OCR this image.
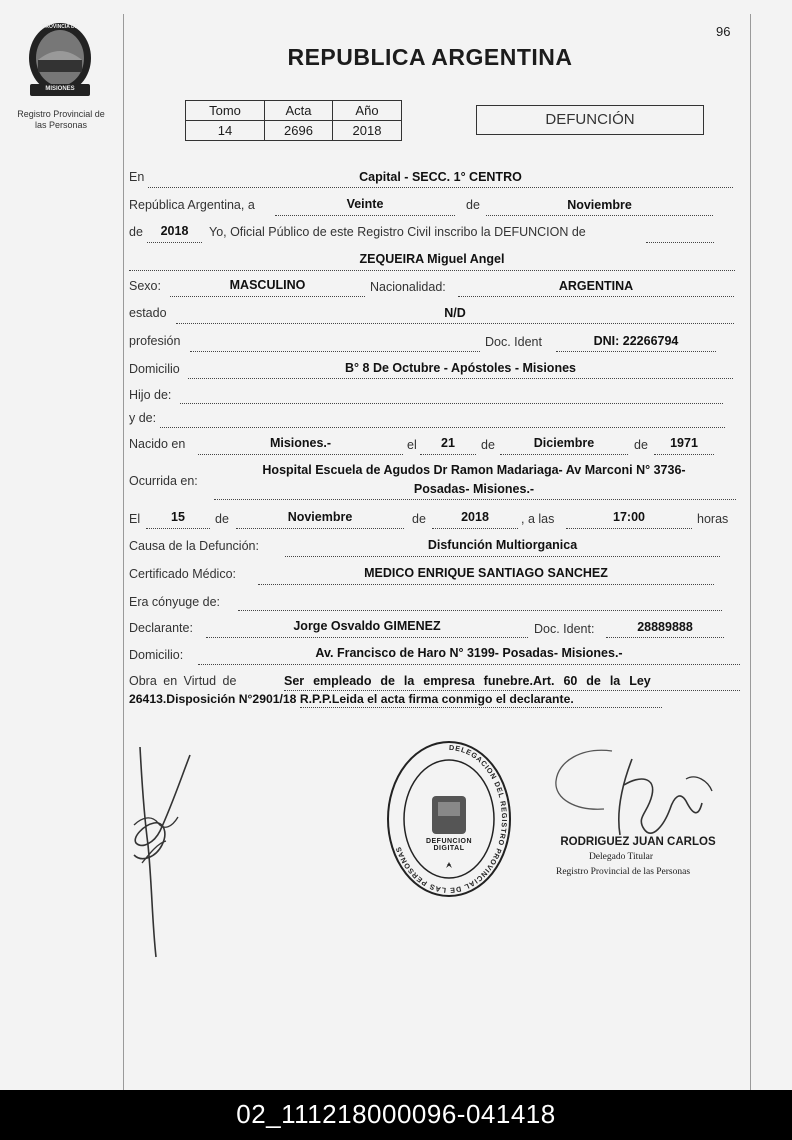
96
PROVINCIA DE
MISIONES
Registro Provincial de
las Personas
REPUBLICA ARGENTINA
Tomo	Acta	Año
14	2696	2018
DEFUNCIÓN
En	Capital - SECC. 1° CENTRO
República Argentina, a	Veinte	de	Noviembre
de	2018	Yo, Oficial Público de este Registro Civil inscribo la DEFUNCION de
ZEQUEIRA Miguel Angel
Sexo:	MASCULINO	Nacionalidad:	ARGENTINA
estado	N/D
profesión	Doc. Ident	DNI: 22266794
Domicilio	B° 8 De Octubre - Apóstoles - Misiones
Hijo de:
y de:
Nacido en	Misiones.-	el	21	de	Diciembre	de	1971
Ocurrida en:
Hospital Escuela de Agudos Dr Ramon Madariaga- Av Marconi N° 3736-
Posadas- Misiones.-
El	15	de	Noviembre	de	2018	, a las	17:00	horas
Causa de la Defunción:	Disfunción Multiorganica
Certificado Médico:	MEDICO ENRIQUE SANTIAGO SANCHEZ
Era cónyuge de:
Declarante:	Jorge Osvaldo GIMENEZ	Doc. Ident:	28889888
Domicilio:	Av. Francisco de Haro N° 3199- Posadas- Misiones.-
Obra en Virtud de	Ser  empleado  de  la  empresa  funebre.Art.  60  de  la  Ley
26413.Disposición N°2901/18 R.P.P.Leida el acta firma conmigo el declarante.
DELEGACION DEL REGISTRO PROVINCIAL DE LAS PERSONAS
DEFUNCION DIGITAL
RODRIGUEZ JUAN CARLOS
Delegado Titular
Registro Provincial de las Personas
02_111218000096-041418
